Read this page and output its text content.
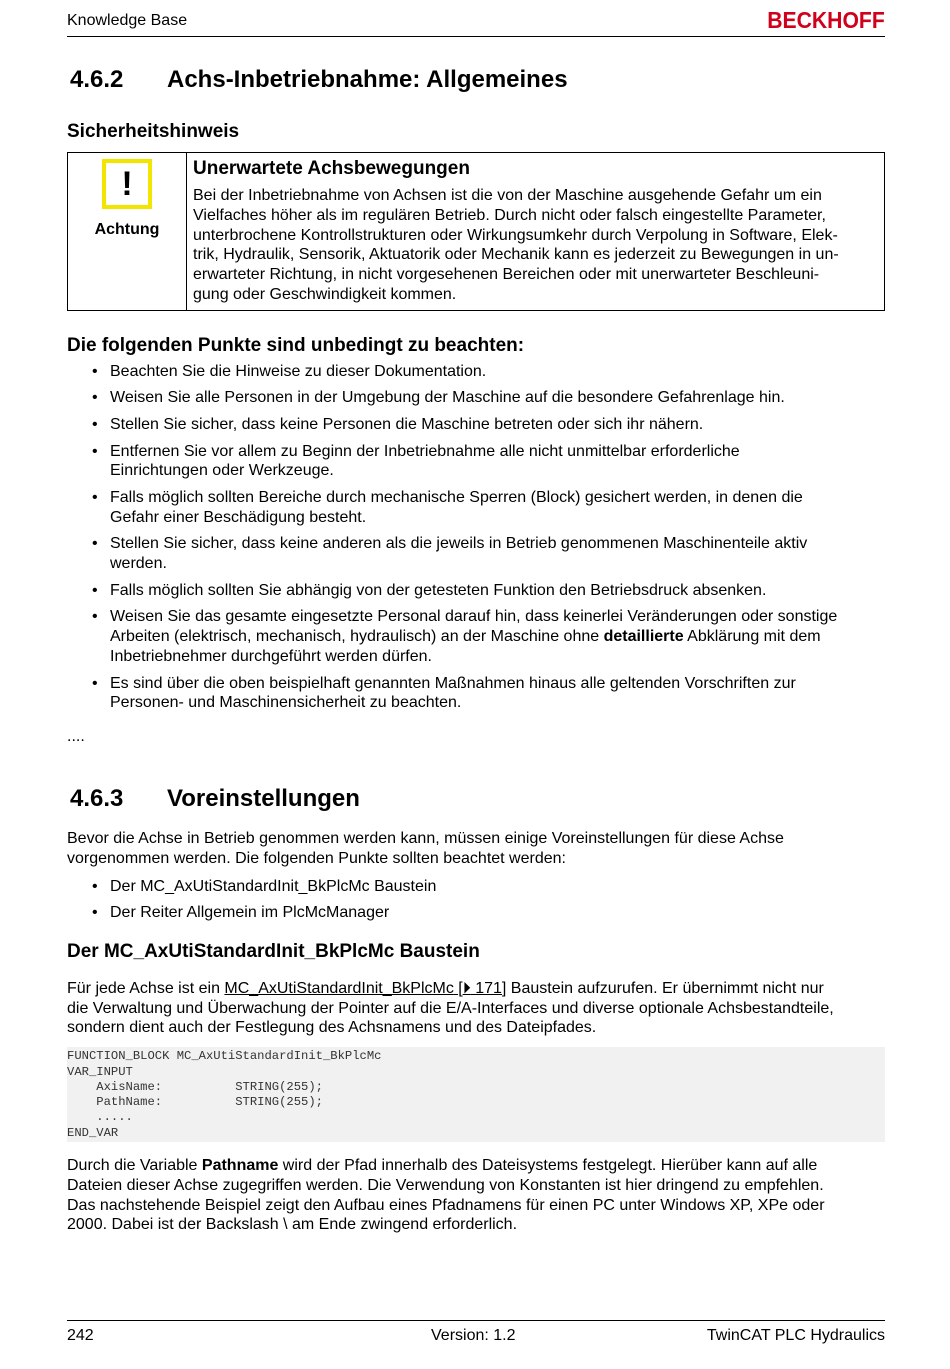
Knowledge Base	BECKHOFF
4.6.2	Achs-Inbetriebnahme: Allgemeines
Sicherheitshinweis
!
Achtung
Unerwartete Achsbewegungen

Bei der Inbetriebnahme von Achsen ist die von der Maschine ausgehende Gefahr um ein

Vielfaches höher als im regulären Betrieb. Durch nicht oder falsch eingestellte Parameter,

unterbrochene Kontrollstrukturen oder Wirkungsumkehr durch Verpolung in Software, Elek-

trik, Hydraulik, Sensorik, Aktuatorik oder Mechanik kann es jederzeit zu Bewegungen in un-

erwarteter Richtung, in nicht vorgesehenen Bereichen oder mit unerwarteter Beschleuni-

gung oder Geschwindigkeit kommen.

Die folgenden Punkte sind unbedingt zu beachten:
• Beachten Sie die Hinweise zu dieser Dokumentation.
• Weisen Sie alle Personen in der Umgebung der Maschine auf die besondere Gefahrenlage hin.
• Stellen Sie sicher, dass keine Personen die Maschine betreten oder sich ihr nähern.
• Entfernen Sie vor allem zu Beginn der Inbetriebnahme alle nicht unmittelbar erforderliche
Einrichtungen oder Werkzeuge.
• Falls möglich sollten Bereiche durch mechanische Sperren (Block) gesichert werden, in denen die
Gefahr einer Beschädigung besteht.
• Stellen Sie sicher, dass keine anderen als die jeweils in Betrieb genommenen Maschinenteile aktiv
werden.
• Falls möglich sollten Sie abhängig von der getesteten Funktion den Betriebsdruck absenken.
• Weisen Sie das gesamte eingesetzte Personal darauf hin, dass keinerlei Veränderungen oder sonstige
Arbeiten (elektrisch, mechanisch, hydraulisch) an der Maschine ohne detaillierte Abklärung mit dem
Inbetriebnehmer durchgeführt werden dürfen.
• Es sind über die oben beispielhaft genannten Maßnahmen hinaus alle geltenden Vorschriften zur
Personen- und Maschinensicherheit zu beachten.

....

4.6.3	Voreinstellungen

Bevor die Achse in Betrieb genommen werden kann, müssen einige Voreinstellungen für diese Achse

vorgenommen werden. Die folgenden Punkte sollten beachtet werden:

• Der MC_AxUtiStandardInit_BkPlcMc Baustein
• Der Reiter Allgemein im PlcMcManager
Der MC_AxUtiStandardInit_BkPlcMc Baustein

Für jede Achse ist ein MC_AxUtiStandardInit_BkPlcMc [⏵ 171] Baustein aufzurufen. Er übernimmt nicht nur

die Verwaltung und Überwachung der Pointer auf die E/A-Interfaces und diverse optionale Achsbestandteile,

sondern dient auch der Festlegung des Achsnamens und des Dateipfades.

FUNCTION_BLOCK MC_AxUtiStandardInit_BkPlcMc
VAR_INPUT
AxisName:          STRING(255);
PathName:          STRING(255);
.....
END_VAR

Durch die Variable Pathname wird der Pfad innerhalb des Dateisystems festgelegt. Hierüber kann auf alle

Dateien dieser Achse zugegriffen werden. Die Verwendung von Konstanten ist hier dringend zu empfehlen.

Das nachstehende Beispiel zeigt den Aufbau eines Pfadnamens für einen PC unter Windows XP, XPe oder

2000. Dabei ist der Backslash \ am Ende zwingend erforderlich.

242	Version: 1.2	TwinCAT PLC Hydraulics
